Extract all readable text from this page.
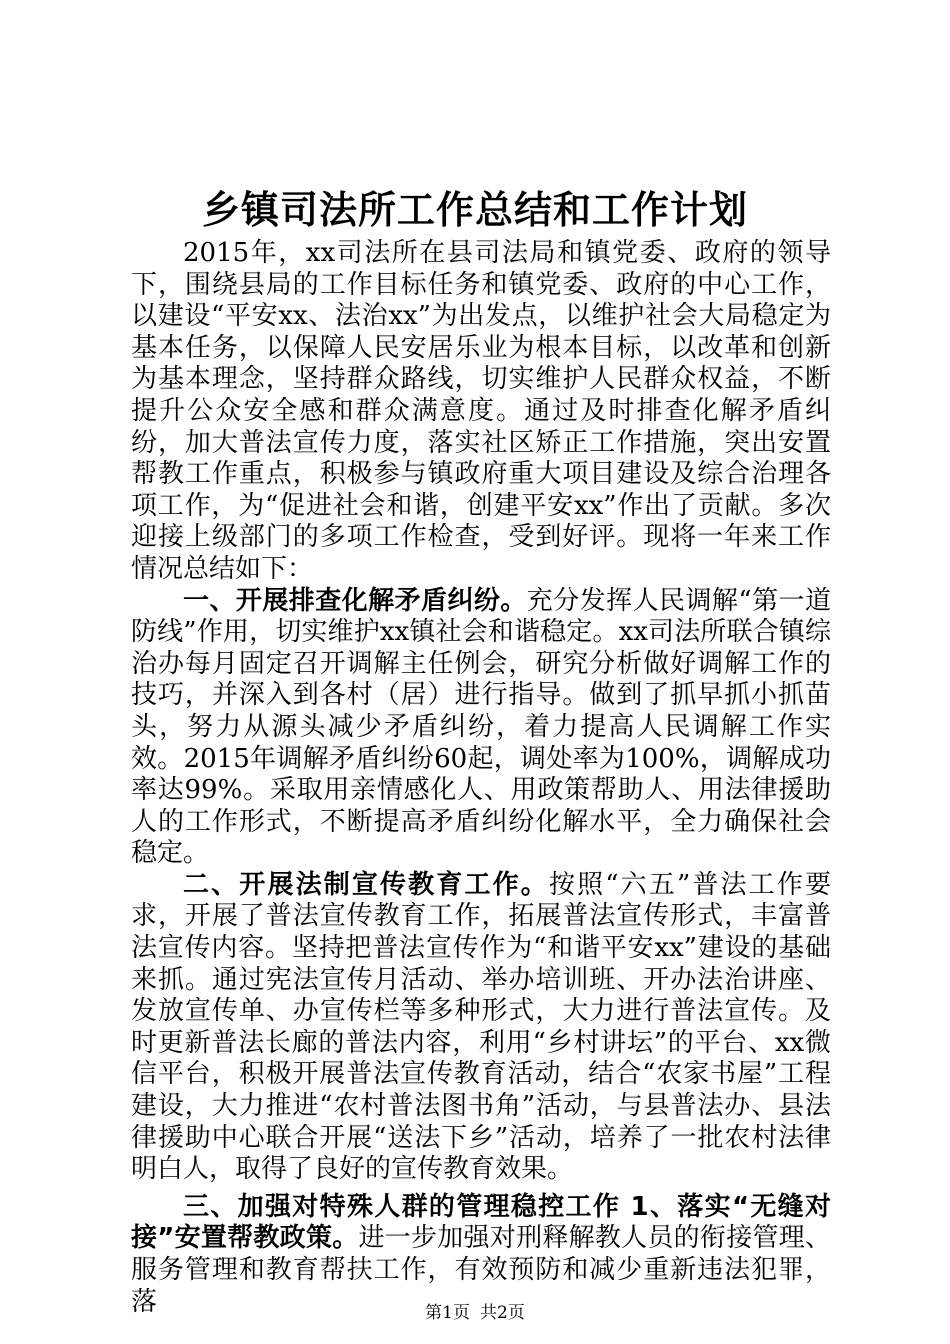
乡镇司法所工作总结和工作计划

2015年，xx司法所在县司法局和镇党委、政府的领导下，围绕县局的工作目标任务和镇党委、政府的中心工作，以建设“平安xx、法治xx”为出发点，以维护社会大局稳定为基本任务，以保障人民安居乐业为根本目标，以改革和创新为基本理念，坚持群众路线，切实维护人民群众权益，不断提升公众安全感和群众满意度。通过及时排查化解矛盾纠纷，加大普法宣传力度，落实社区矫正工作措施，突出安置帮教工作重点，积极参与镇政府重大项目建设及综合治理各项工作，为“促进社会和谐，创建平安xx”作出了贡献。多次迎接上级部门的多项工作检查，受到好评。现将一年来工作情况总结如下：

一、开展排查化解矛盾纠纷。充分发挥人民调解“第一道防线”作用，切实维护xx镇社会和谐稳定。xx司法所联合镇综治办每月固定召开调解主任例会，研究分析做好调解工作的技巧，并深入到各村（居）进行指导。做到了抓早抓小抓苗头，努力从源头减少矛盾纠纷，着力提高人民调解工作实效。2015年调解矛盾纠纷60起，调处率为100%，调解成功率达99%。采取用亲情感化人、用政策帮助人、用法律援助人的工作形式，不断提高矛盾纠纷化解水平，全力确保社会稳定。

二、开展法制宣传教育工作。按照“六五”普法工作要求，开展了普法宣传教育工作，拓展普法宣传形式，丰富普法宣传内容。坚持把普法宣传作为“和谐平安xx”建设的基础来抓。通过宪法宣传月活动、举办培训班、开办法治讲座、发放宣传单、办宣传栏等多种形式，大力进行普法宣传。及时更新普法长廊的普法内容，利用“乡村讲坛”的平台、xx微信平台，积极开展普法宣传教育活动，结合“农家书屋”工程建设，大力推进“农村普法图书角”活动，与县普法办、县法律援助中心联合开展“送法下乡”活动，培养了一批农村法律明白人，取得了良好的宣传教育效果。

三、加强对特殊人群的管理稳控工作 1、落实“无缝对接”安置帮教政策。进一步加强对刑释解教人员的衔接管理、服务管理和教育帮扶工作，有效预防和减少重新违法犯罪，落	第1页 共2页
